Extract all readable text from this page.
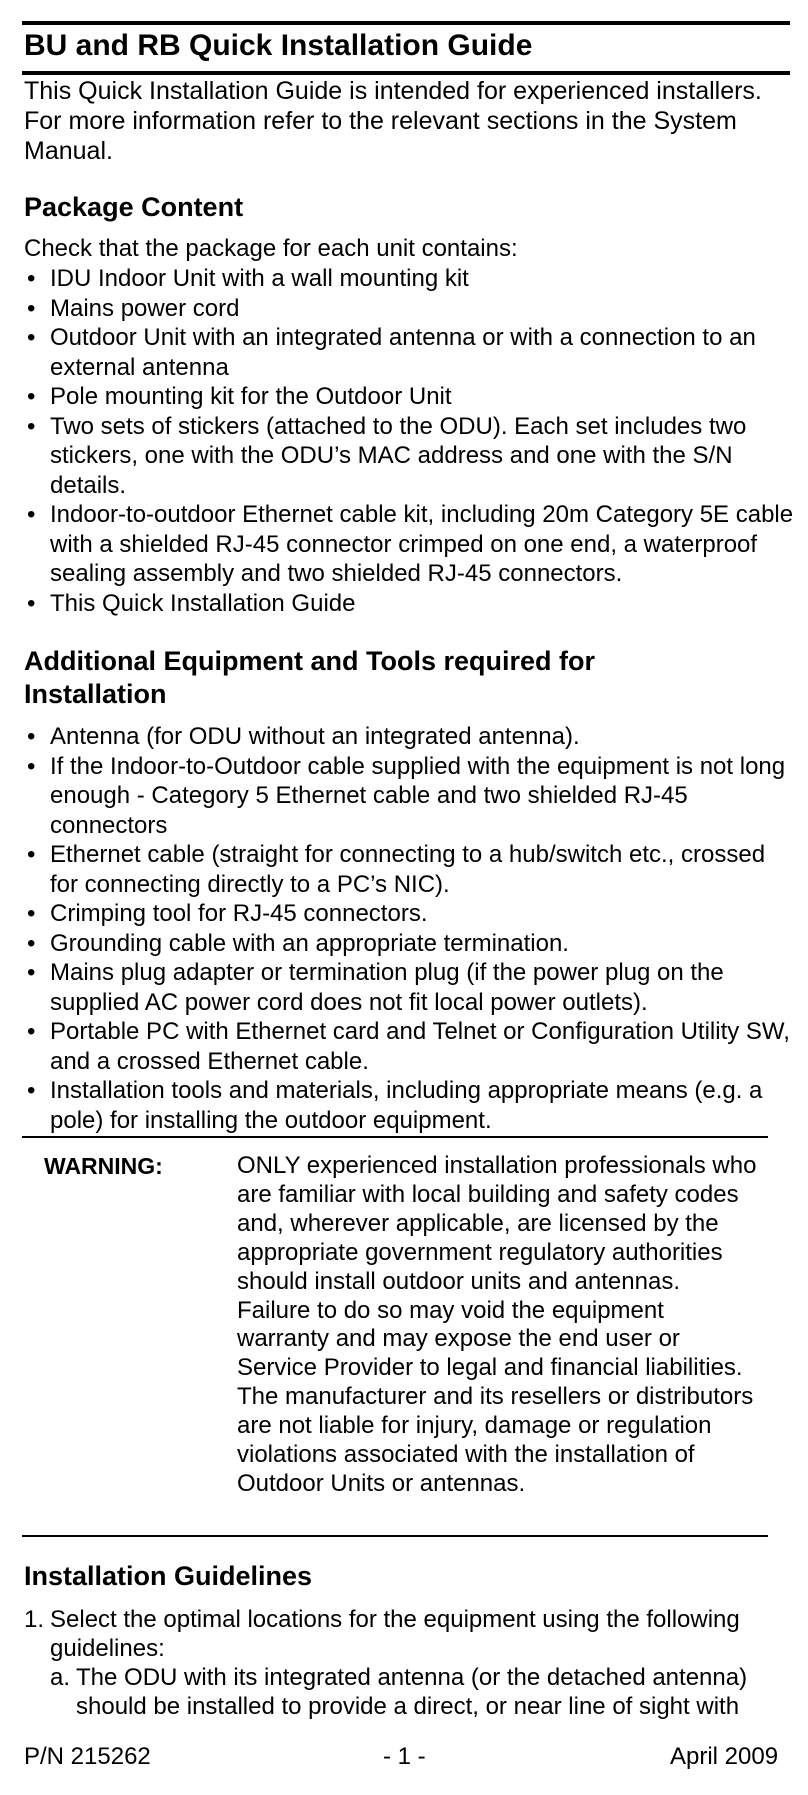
BU and RB Quick Installation Guide

This Quick Installation Guide is intended for experienced installers. For more information refer to the relevant sections in the System Manual.

Package Content

Check that the package for each unit contains:

• IDU Indoor Unit with a wall mounting kit
• Mains power cord
• Outdoor Unit with an integrated antenna or with a connection to an external antenna
• Pole mounting kit for the Outdoor Unit
• Two sets of stickers (attached to the ODU). Each set includes two stickers, one with the ODU’s MAC address and one with the S/N details.
• Indoor-to-outdoor Ethernet cable kit, including 20m Category 5E cable with a shielded RJ-45 connector crimped on one end, a waterproof sealing assembly and two shielded RJ-45 connectors.
• This Quick Installation Guide
Additional Equipment and Tools required for Installation
• Antenna (for ODU without an integrated antenna).
• If the Indoor-to-Outdoor cable supplied with the equipment is not long enough - Category 5 Ethernet cable and two shielded RJ-45 connectors
• Ethernet cable (straight for connecting to a hub/switch etc., crossed for connecting directly to a PC’s NIC).
• Crimping tool for RJ-45 connectors.
• Grounding cable with an appropriate termination.
• Mains plug adapter or termination plug (if the power plug on the supplied AC power cord does not fit local power outlets).
• Portable PC with Ethernet card and Telnet or Configuration Utility SW, and a crossed Ethernet cable.
• Installation tools and materials, including appropriate means (e.g. a pole) for installing the outdoor equipment.
WARNING:	ONLY experienced installation professionals who are familiar with local building and safety codes and, wherever applicable, are licensed by the appropriate government regulatory authorities should install outdoor units and antennas. Failure to do so may void the equipment warranty and may expose the end user or Service Provider to legal and financial liabilities. The manufacturer and its resellers or distributors are not liable for injury, damage or regulation violations associated with the installation of Outdoor Units or antennas.

Installation Guidelines
1. Select the optimal locations for the equipment using the following guidelines:
a. The ODU with its integrated antenna (or the detached antenna) should be installed to provide a direct, or near line of sight with
P/N 215262	- 1 -	April 2009
